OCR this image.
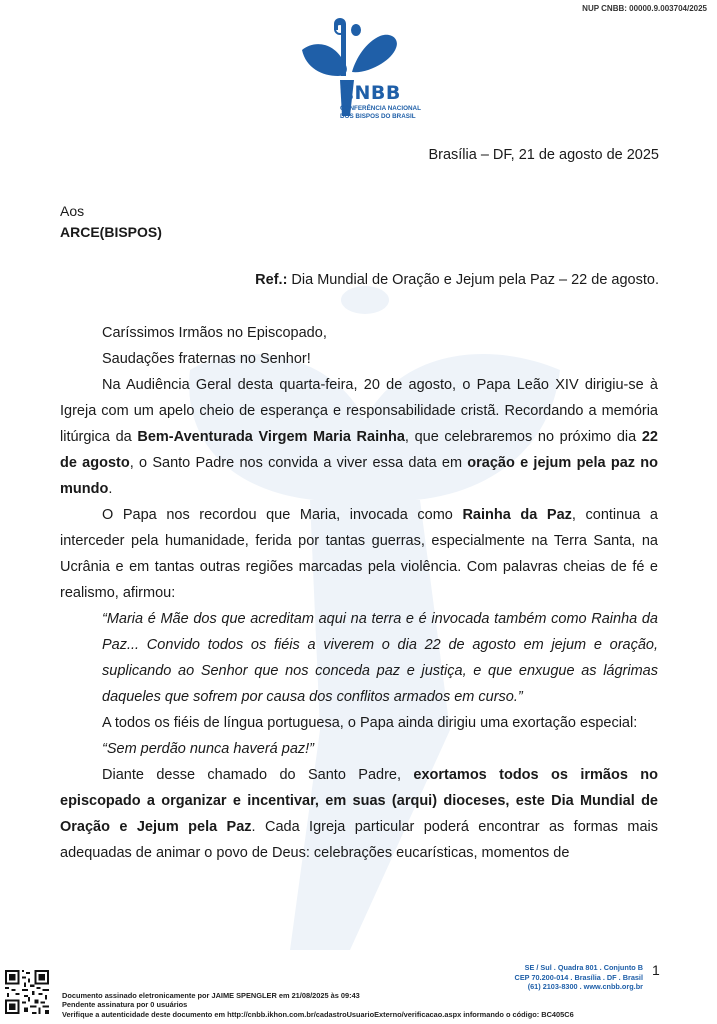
NUP CNBB: 00000.9.003704/2025
CNBB
CONFERÊNCIA NACIONAL
DOS BISPOS DO BRASIL
Brasília – DF, 21 de agosto de 2025
Aos
ARCE(BISPOS)
Ref.: Dia Mundial de Oração e Jejum pela Paz – 22 de agosto.

Caríssimos Irmãos no Episcopado,

Saudações fraternas no Senhor!

Na Audiência Geral desta quarta-feira, 20 de agosto, o Papa Leão XIV dirigiu-se à Igreja com um apelo cheio de esperança e responsabilidade cristã. Recordando a memória litúrgica da Bem-Aventurada Virgem Maria Rainha, que celebraremos no próximo dia 22 de agosto, o Santo Padre nos convida a viver essa data em oração e jejum pela paz no mundo.

O Papa nos recordou que Maria, invocada como Rainha da Paz, continua a interceder pela humanidade, ferida por tantas guerras, especialmente na Terra Santa, na Ucrânia e em tantas outras regiões marcadas pela violência. Com palavras cheias de fé e realismo, afirmou:

“Maria é Mãe dos que acreditam aqui na terra e é invocada também como Rainha da Paz... Convido todos os fiéis a viverem o dia 22 de agosto em jejum e oração, suplicando ao Senhor que nos conceda paz e justiça, e que enxugue as lágrimas daqueles que sofrem por causa dos conflitos armados em curso.”

A todos os fiéis de língua portuguesa, o Papa ainda dirigiu uma exortação especial:

“Sem perdão nunca haverá paz!”

Diante desse chamado do Santo Padre, exortamos todos os irmãos no episcopado a organizar e incentivar, em suas (arqui) dioceses, este Dia Mundial de Oração e Jejum pela Paz. Cada Igreja particular poderá encontrar as formas mais adequadas de animar o povo de Deus: celebrações eucarísticas, momentos de

1
SE / Sul . Quadra 801 . Conjunto B
CEP 70.200-014 . Brasília . DF . Brasil
(61) 2103-8300 . www.cnbb.org.br
Documento assinado eletronicamente por JAIME SPENGLER em 21/08/2025 às 09:43
Pendente assinatura por 0 usuários
Verifique a autenticidade deste documento em http://cnbb.ikhon.com.br/cadastroUsuarioExterno/verificacao.aspx informando o código: BC405C6
